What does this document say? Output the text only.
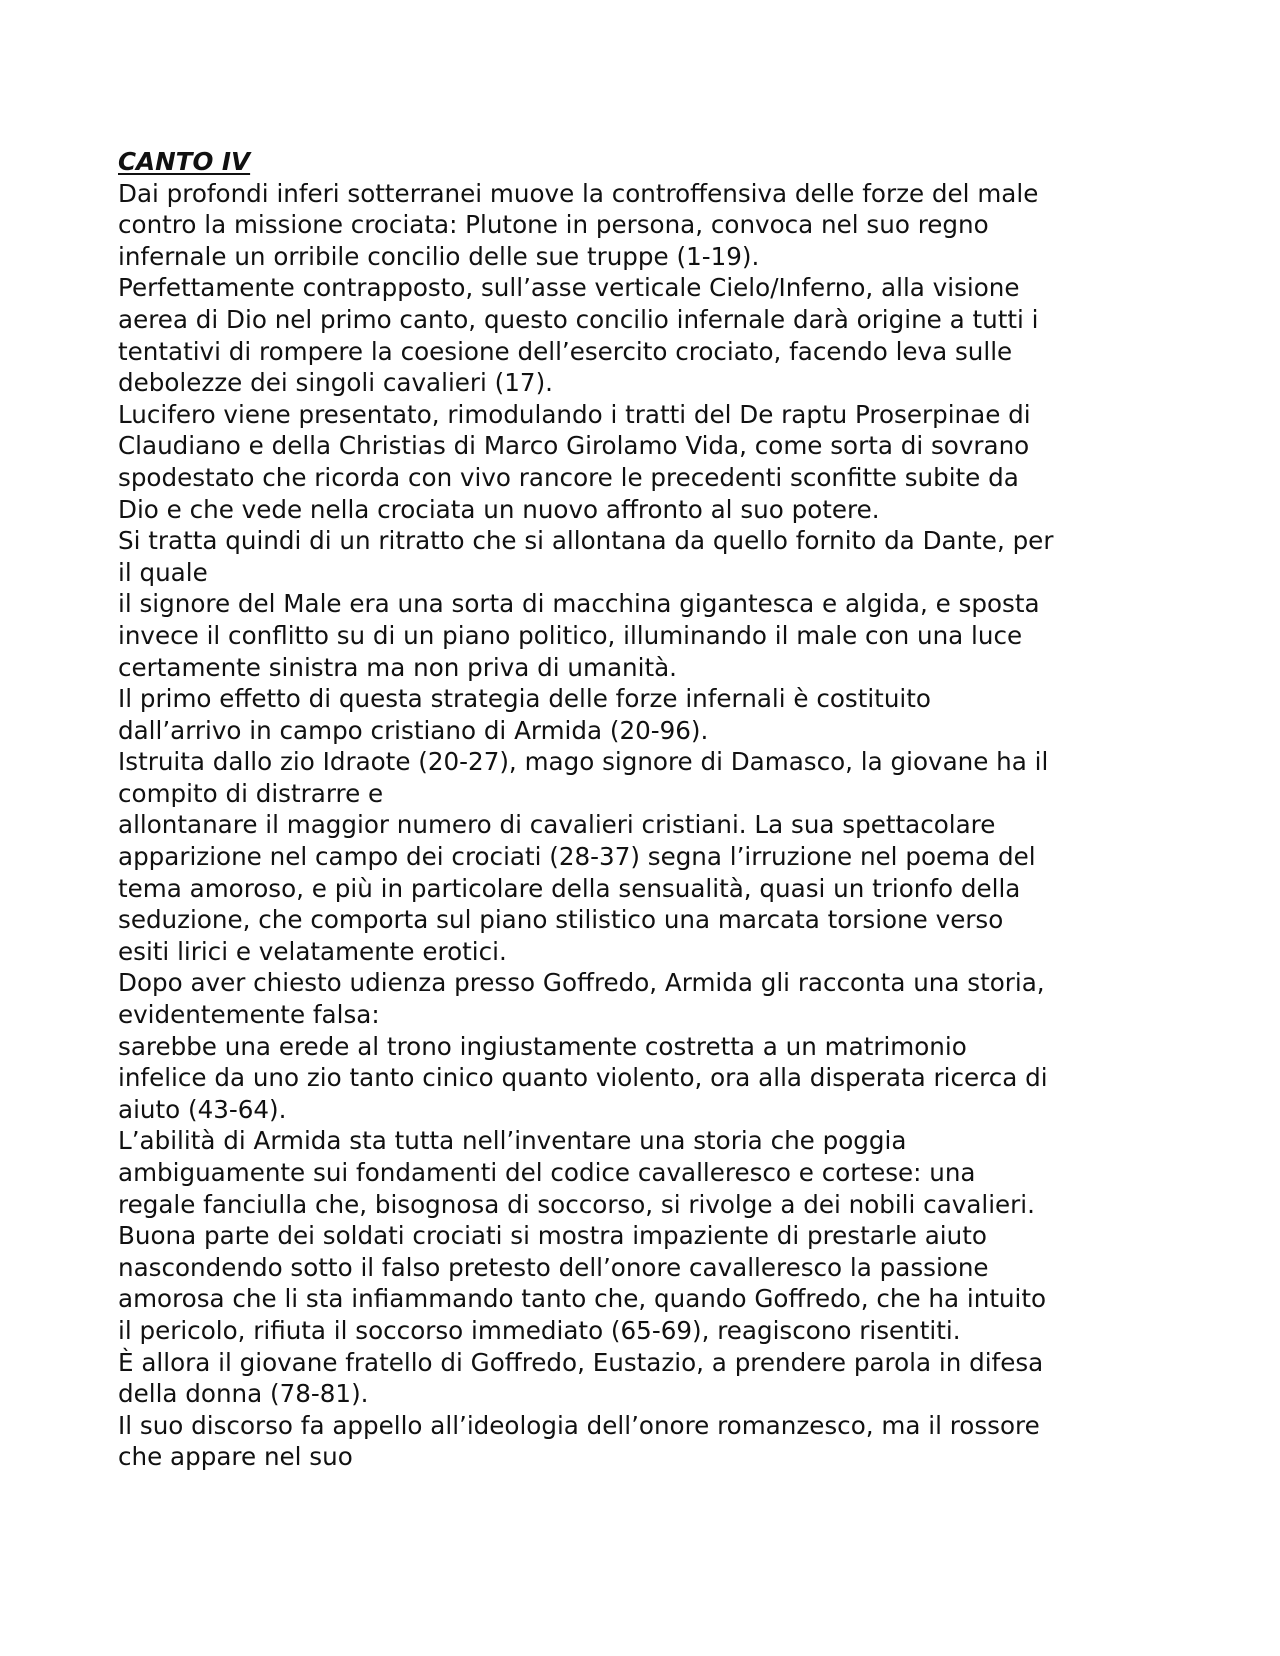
CANTO IV

Dai profondi inferi sotterranei muove la controffensiva delle forze del male

contro la missione crociata: Plutone in persona, convoca nel suo regno

infernale un orribile concilio delle sue truppe (1-19).

Perfettamente contrapposto, sull’asse verticale Cielo/Inferno, alla visione

aerea di Dio nel primo canto, questo concilio infernale darà origine a tutti i

tentativi di rompere la coesione dell’esercito crociato, facendo leva sulle

debolezze dei singoli cavalieri (17).

Lucifero viene presentato, rimodulando i tratti del De raptu Proserpinae di

Claudiano e della Christias di Marco Girolamo Vida, come sorta di sovrano

spodestato che ricorda con vivo rancore le precedenti sconfitte subite da

Dio e che vede nella crociata un nuovo affronto al suo potere.

Si tratta quindi di un ritratto che si allontana da quello fornito da Dante, per

il quale

il signore del Male era una sorta di macchina gigantesca e algida, e sposta

invece il conflitto su di un piano politico, illuminando il male con una luce

certamente sinistra ma non priva di umanità.

Il primo effetto di questa strategia delle forze infernali è costituito

dall’arrivo in campo cristiano di Armida (20-96).

Istruita dallo zio Idraote (20-27), mago signore di Damasco, la giovane ha il

compito di distrarre e

allontanare il maggior numero di cavalieri cristiani. La sua spettacolare

apparizione nel campo dei crociati (28-37) segna l’irruzione nel poema del

tema amoroso, e più in particolare della sensualità, quasi un trionfo della

seduzione, che comporta sul piano stilistico una marcata torsione verso

esiti lirici e velatamente erotici.

Dopo aver chiesto udienza presso Goffredo, Armida gli racconta una storia,

evidentemente falsa:

sarebbe una erede al trono ingiustamente costretta a un matrimonio

infelice da uno zio tanto cinico quanto violento, ora alla disperata ricerca di

aiuto (43-64).

L’abilità di Armida sta tutta nell’inventare una storia che poggia

ambiguamente sui fondamenti del codice cavalleresco e cortese: una

regale fanciulla che, bisognosa di soccorso, si rivolge a dei nobili cavalieri.

Buona parte dei soldati crociati si mostra impaziente di prestarle aiuto

nascondendo sotto il falso pretesto dell’onore cavalleresco la passione

amorosa che li sta infiammando tanto che, quando Goffredo, che ha intuito

il pericolo, rifiuta il soccorso immediato (65-69), reagiscono risentiti.

È allora il giovane fratello di Goffredo, Eustazio, a prendere parola in difesa

della donna (78-81).

Il suo discorso fa appello all’ideologia dell’onore romanzesco, ma il rossore

che appare nel suo
